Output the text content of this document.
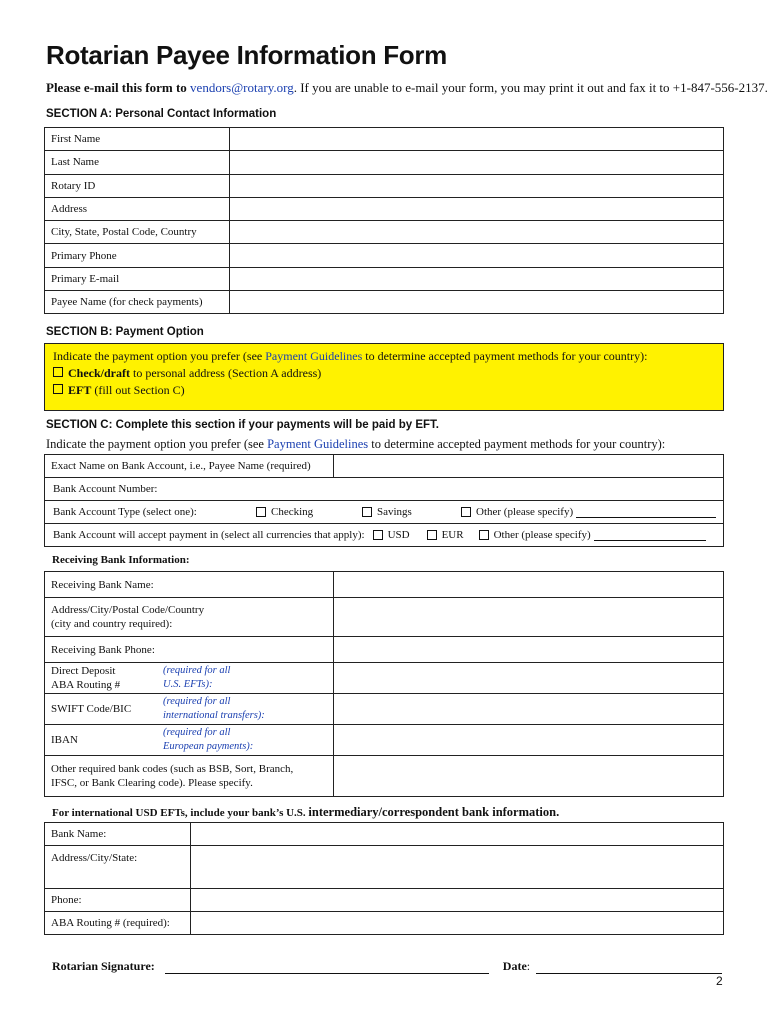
Rotarian Payee Information Form
Please e-mail this form to vendors@rotary.org. If you are unable to e-mail your form, you may print it out and fax it to +1-847-556-2137.
SECTION A: Personal Contact Information
First Name	
Last Name	
Rotary ID	
Address	
City, State, Postal Code, Country	
Primary Phone	
Primary E-mail	
Payee Name (for check payments)	
SECTION B: Payment Option
Indicate the payment option you prefer (see Payment Guidelines to determine accepted payment methods for your country):
Check/draft to personal address (Section A address)
EFT (fill out Section C)
SECTION C: Complete this section if your payments will be paid by EFT.
Indicate the payment option you prefer (see Payment Guidelines to determine accepted payment methods for your country):
Exact Name on Bank Account, i.e., Payee Name (required)	
Bank Account Number:

Bank Account Type (select one):	Checking	Savings	Other (please specify)

Bank Account will accept payment in (select all currencies that apply): USD	EUR	Other (please specify)
Receiving Bank Information:
Receiving Bank Name:	

Address/City/Postal Code/Country
(city and country required):	

Receiving Bank Phone:	

Direct Deposit
ABA Routing #
(required for all
U.S. EFTs):	

SWIFT Code/BIC
(required for all
international transfers):	

IBAN
(required for all
European payments):	

Other required bank codes (such as BSB, Sort, Branch,
IFSC, or Bank Clearing code). Please specify.	

For international USD EFTs, include your bank’s U.S. intermediary/correspondent bank information.
Bank Name:	
Address/City/State:	
Phone:	
ABA Routing # (required):	
Rotarian Signature:	Date :
2
